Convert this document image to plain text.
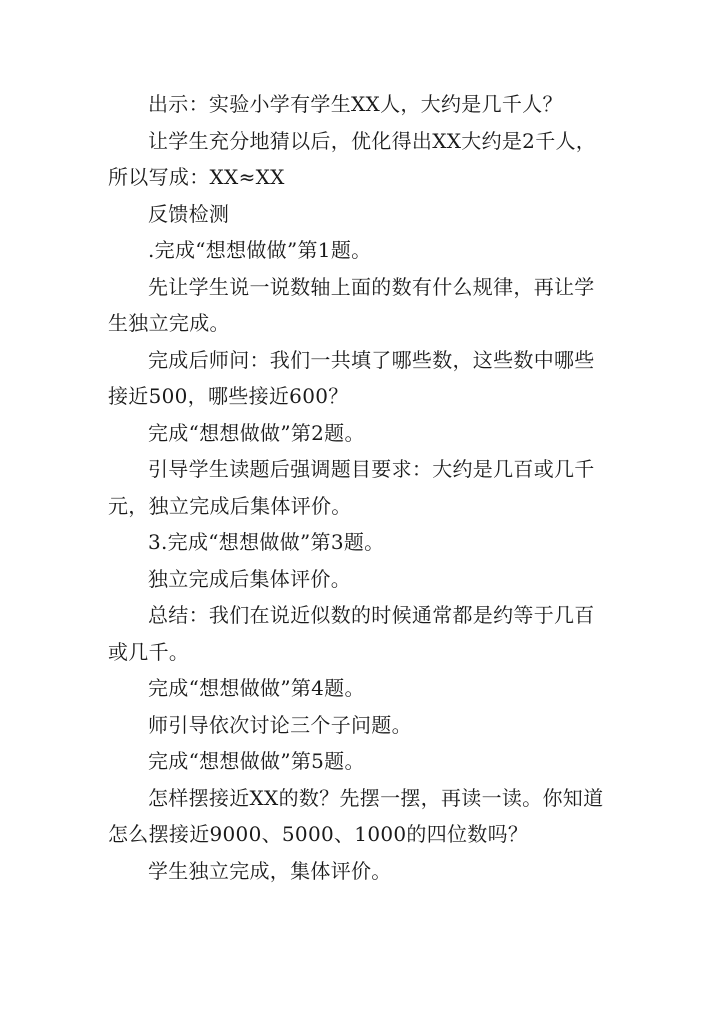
出示：实验小学有学生XX人，大约是几千人？

让学生充分地猜以后，优化得出XX大约是2千人，所以写成：XX≈XX

反馈检测

.完成“想想做做”第1题。

先让学生说一说数轴上面的数有什么规律，再让学生独立完成。

完成后师问：我们一共填了哪些数，这些数中哪些接近500，哪些接近600？

完成“想想做做”第2题。

引导学生读题后强调题目要求：大约是几百或几千元，独立完成后集体评价。

3.完成“想想做做”第3题。

独立完成后集体评价。

总结：我们在说近似数的时候通常都是约等于几百或几千。

完成“想想做做”第4题。

师引导依次讨论三个子问题。

完成“想想做做”第5题。

怎样摆接近XX的数？先摆一摆，再读一读。你知道怎么摆接近9000、5000、1000的四位数吗？

学生独立完成，集体评价。
